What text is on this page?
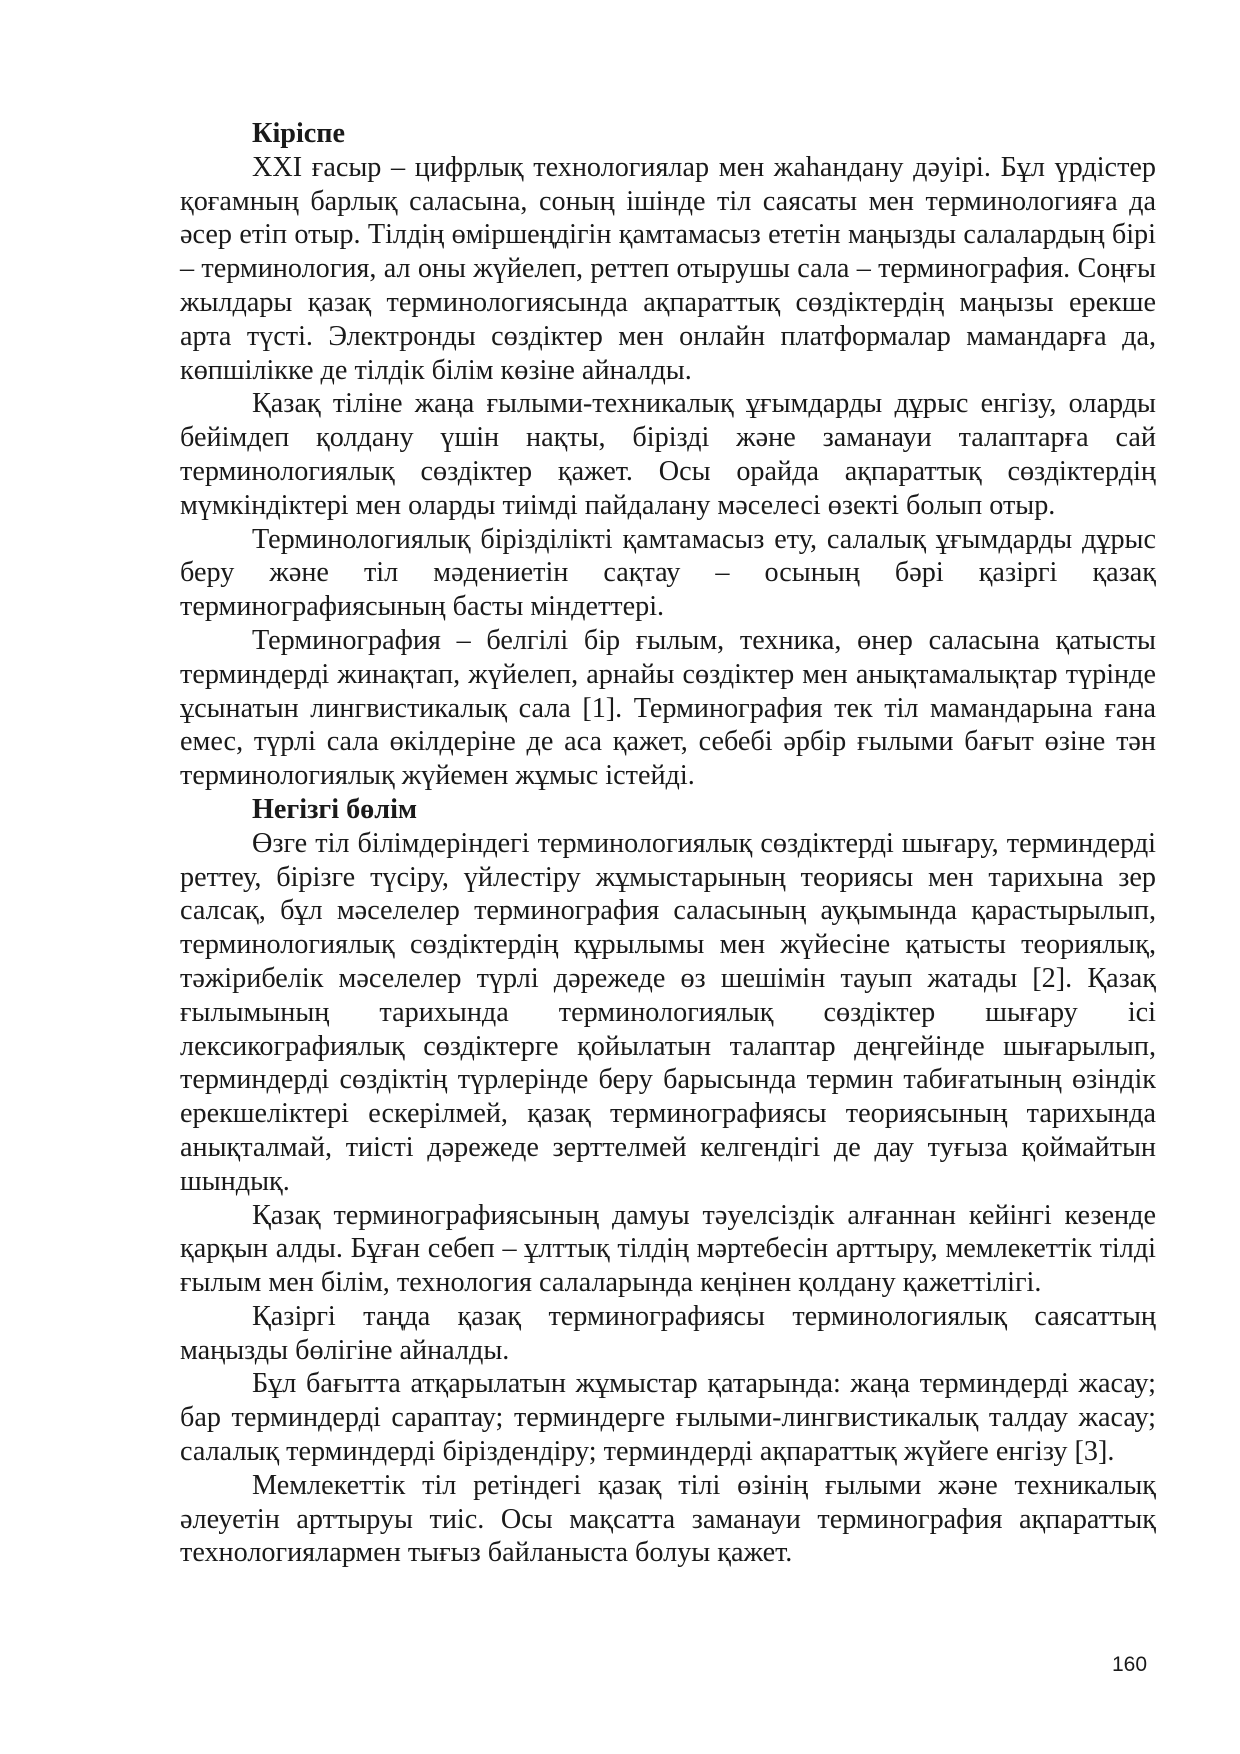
Кіріспе

XXI ғасыр – цифрлық технологиялар мен жаһандану дәуірі. Бұл үрдістер қоғамның барлық саласына, соның ішінде тіл саясаты мен терминологияға да әсер етіп отыр. Тілдің өміршеңдігін қамтамасыз ететін маңызды салалардың бірі – терминология, ал оны жүйелеп, реттеп отырушы сала – терминография. Соңғы жылдары қазақ терминологиясында ақпараттық сөздіктердің маңызы ерекше арта түсті. Электронды сөздіктер мен онлайн платформалар мамандарға да, көпшілікке де тілдік білім көзіне айналды.

Қазақ тіліне жаңа ғылыми-техникалық ұғымдарды дұрыс енгізу, оларды бейімдеп қолдану үшін нақты, бірізді және заманауи талаптарға сай терминологиялық сөздіктер қажет. Осы орайда ақпараттық сөздіктердің мүмкіндіктері мен оларды тиімді пайдалану мәселесі өзекті болып отыр.

Терминологиялық бірізділікті қамтамасыз ету, салалық ұғымдарды дұрыс беру және тіл мәдениетін сақтау – осының бәрі қазіргі қазақ терминографиясының басты міндеттері.

Терминография – белгілі бір ғылым, техника, өнер саласына қатысты терминдерді жинақтап, жүйелеп, арнайы сөздіктер мен анықтамалықтар түрінде ұсынатын лингвистикалық сала [1]. Терминография тек тіл мамандарына ғана емес, түрлі сала өкілдеріне де аса қажет, себебі әрбір ғылыми бағыт өзіне тән терминологиялық жүйемен жұмыс істейді.

Негізгі бөлім

Өзге тіл білімдеріндегі терминологиялық сөздіктерді шығару, терминдерді реттеу, бірізге түсіру, үйлестіру жұмыстарының теориясы мен тарихына зер салсақ, бұл мәселелер терминография саласының ауқымында қарастырылып, терминологиялық сөздіктердің құрылымы мен жүйесіне қатысты теориялық, тәжірибелік мәселелер түрлі дәрежеде өз шешімін тауып жатады [2]. Қазақ ғылымының тарихында терминологиялық сөздіктер шығару ісі лексикографиялық сөздіктерге қойылатын талаптар деңгейінде шығарылып, терминдерді сөздіктің түрлерінде беру барысында термин табиғатының өзіндік ерекшеліктері ескерілмей, қазақ терминографиясы теориясының тарихында анықталмай, тиісті дәрежеде зерттелмей келгендігі де дау туғыза қоймайтын шындық.

Қазақ терминографиясының дамуы тәуелсіздік алғаннан кейінгі кезенде қарқын алды. Бұған себеп – ұлттық тілдің мәртебесін арттыру, мемлекеттік тілді ғылым мен білім, технология салаларында кеңінен қолдану қажеттілігі.

Қазіргі таңда қазақ терминографиясы терминологиялық саясаттың маңызды бөлігіне айналды.

Бұл бағытта атқарылатын жұмыстар қатарында: жаңа терминдерді жасау; бар терминдерді сараптау; терминдерге ғылыми-лингвистикалық талдау жасау; салалық терминдерді біріздендіру; терминдерді ақпараттық жүйеге енгізу [3].

Мемлекеттік тіл ретіндегі қазақ тілі өзінің ғылыми және техникалық әлеуетін арттыруы тиіс. Осы мақсатта заманауи терминография ақпараттық технологиялармен тығыз байланыста болуы қажет.

160
